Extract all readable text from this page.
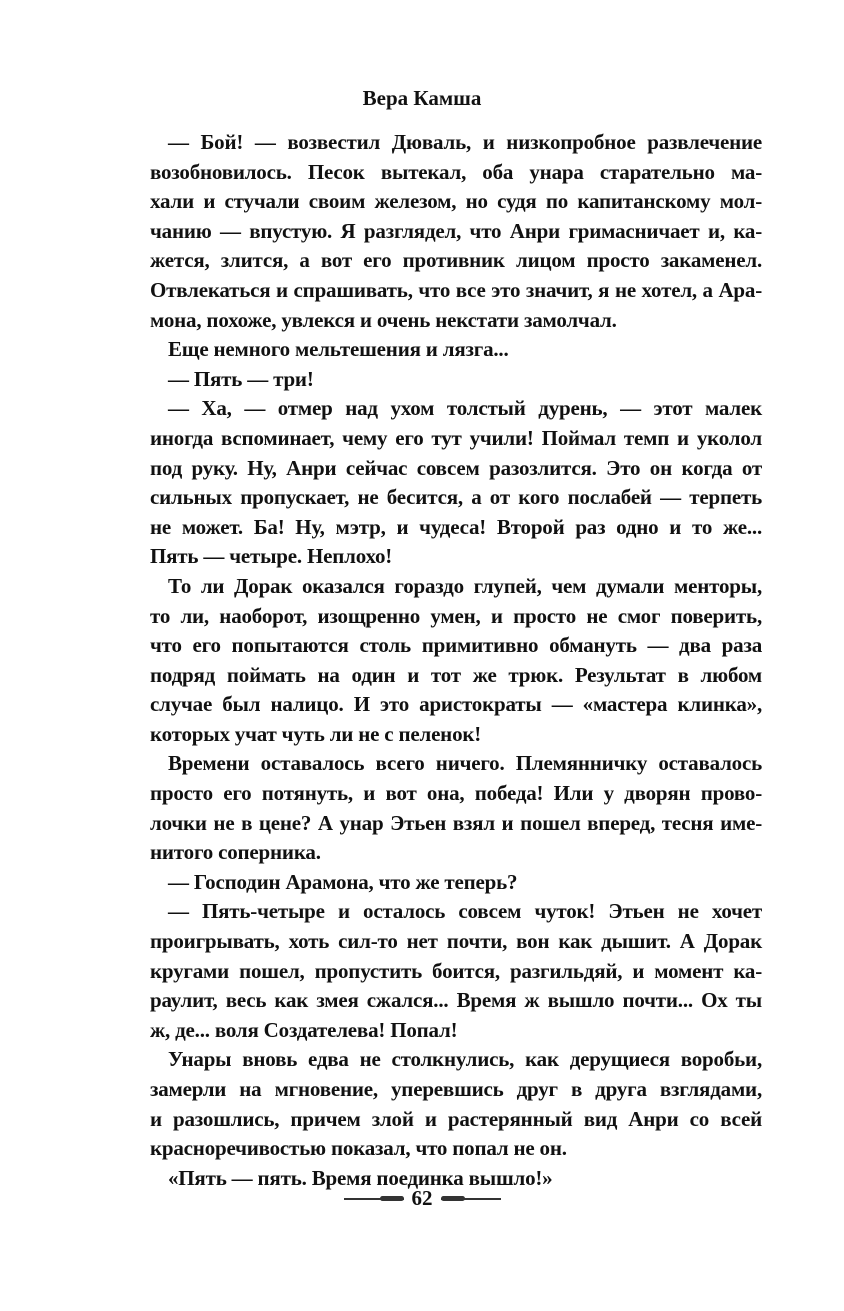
Вера Камша
— Бой! — возвестил Дюваль, и низкопробное развлечение
возобновилось. Песок вытекал, оба унара старательно ма-
хали и стучали своим железом, но судя по капитанскому мол-
чанию — впустую. Я разглядел, что Анри гримасничает и, ка-
жется, злится, а вот его противник лицом просто закаменел.
Отвлекаться и спрашивать, что все это значит, я не хотел, а Ара-
мона, похоже, увлекся и очень некстати замолчал.
Еще немного мельтешения и лязга...
— Пять — три!
— Ха, — отмер над ухом толстый дурень, — этот малек
иногда вспоминает, чему его тут учили! Поймал темп и уколол
под руку. Ну, Анри сейчас совсем разозлится. Это он когда от
сильных пропускает, не бесится, а от кого послабей — терпеть
не может. Ба! Ну, мэтр, и чудеса! Второй раз одно и то же...
Пять — четыре. Неплохо!
То ли Дорак оказался гораздо глупей, чем думали менторы,
то ли, наоборот, изощренно умен, и просто не смог поверить,
что его попытаются столь примитивно обмануть — два раза
подряд поймать на один и тот же трюк. Результат в любом
случае был налицо. И это аристократы — «мастера клинка»,
которых учат чуть ли не с пеленок!
Времени оставалось всего ничего. Племянничку оставалось
просто его потянуть, и вот она, победа! Или у дворян прово-
лочки не в цене? А унар Этьен взял и пошел вперед, тесня име-
нитого соперника.
— Господин Арамона, что же теперь?
— Пять-четыре и осталось совсем чуток! Этьен не хочет
проигрывать, хоть сил-то нет почти, вон как дышит. А Дорак
кругами пошел, пропустить боится, разгильдяй, и момент ка-
раулит, весь как змея сжался... Время ж вышло почти... Ох ты
ж, де... воля Создателева! Попал!
Унары вновь едва не столкнулись, как дерущиеся воробьи,
замерли на мгновение, уперевшись друг в друга взглядами,
и разошлись, причем злой и растерянный вид Анри со всей
красноречивостью показал, что попал не он.
«Пять — пять. Время поединка вышло!»
62
